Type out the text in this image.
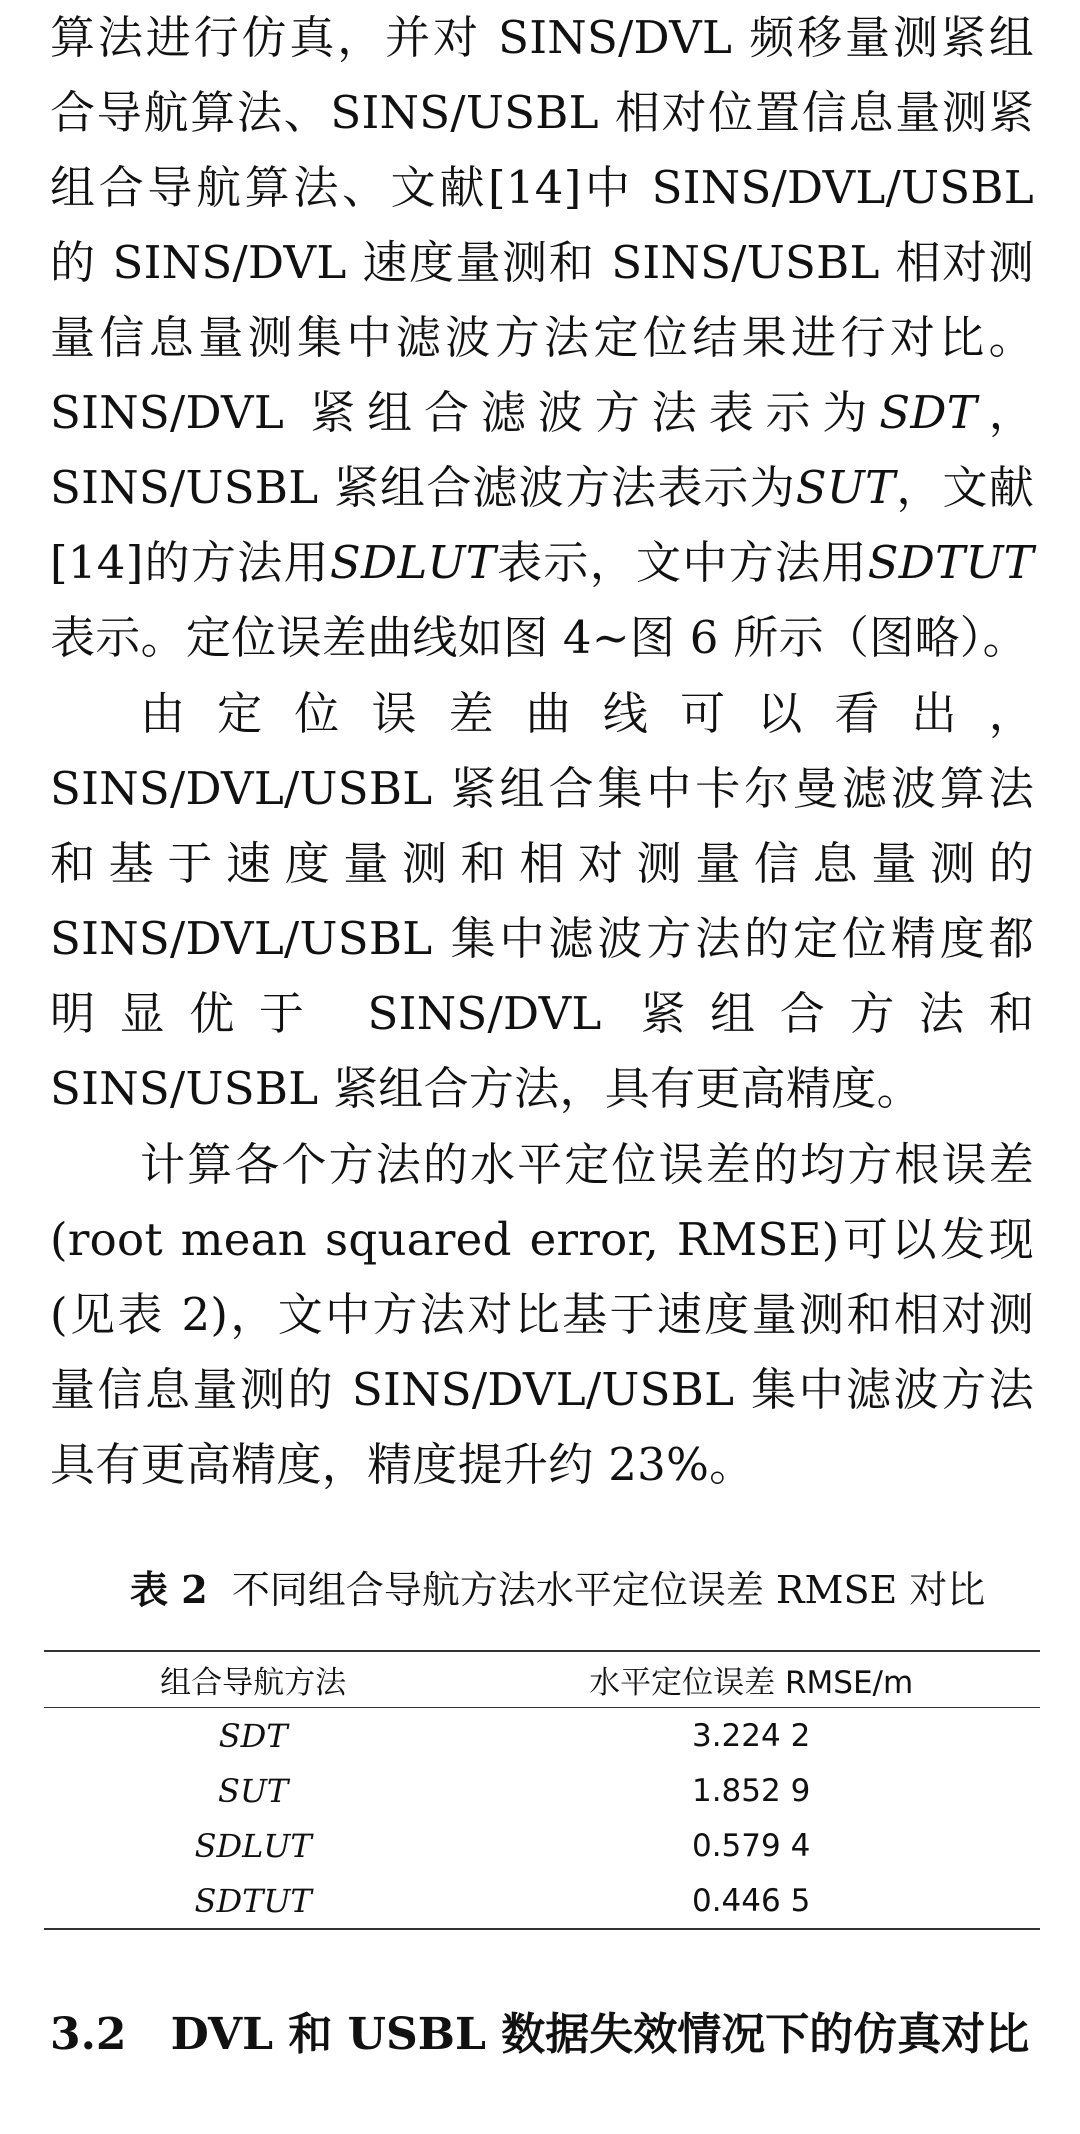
算法进行仿真，并对 SINS/DVL 频移量测紧组合导航算法、SINS/USBL 相对位置信息量测紧组合导航算法、文献[14]中 SINS/DVL/USBL 的 SINS/DVL 速度量测和 SINS/USBL 相对测量信息量测集中滤波方法定位结果进行对比。SINS/DVL 紧组合滤波方法表示为𝑆𝐷𝑇，SINS/USBL 紧组合滤波方法表示为𝑆𝑈𝑇，文献[14]的方法用𝑆𝐷𝐿𝑈𝑇表示，文中方法用𝑆𝐷𝑇𝑈𝑇表示。定位误差曲线如图 4~图 6 所示（图略）。

由定位误差曲线可以看出，SINS/DVL/USBL 紧组合集中卡尔曼滤波算法和基于速度量测和相对测量信息量测的 SINS/DVL/USBL 集中滤波方法的定位精度都明显优于 SINS/DVL 紧组合方法和 SINS/USBL 紧组合方法，具有更高精度。

计算各个方法的水平定位误差的均方根误差(root mean squared error, RMSE)可以发现(见表 2)，文中方法对比基于速度量测和相对测量信息量测的 SINS/DVL/USBL 集中滤波方法具有更高精度，精度提升约 23%。

表 2 不同组合导航方法水平定位误差 RMSE 对比
组合导航方法	水平定位误差 RMSE/m
𝑆𝐷𝑇	3.224 2
𝑆𝑈𝑇	1.852 9
𝑆𝐷𝐿𝑈𝑇	0.579 4
𝑆𝐷𝑇𝑈𝑇	0.446 5
3.2 DVL 和 USBL 数据失效情况下的仿真对比
